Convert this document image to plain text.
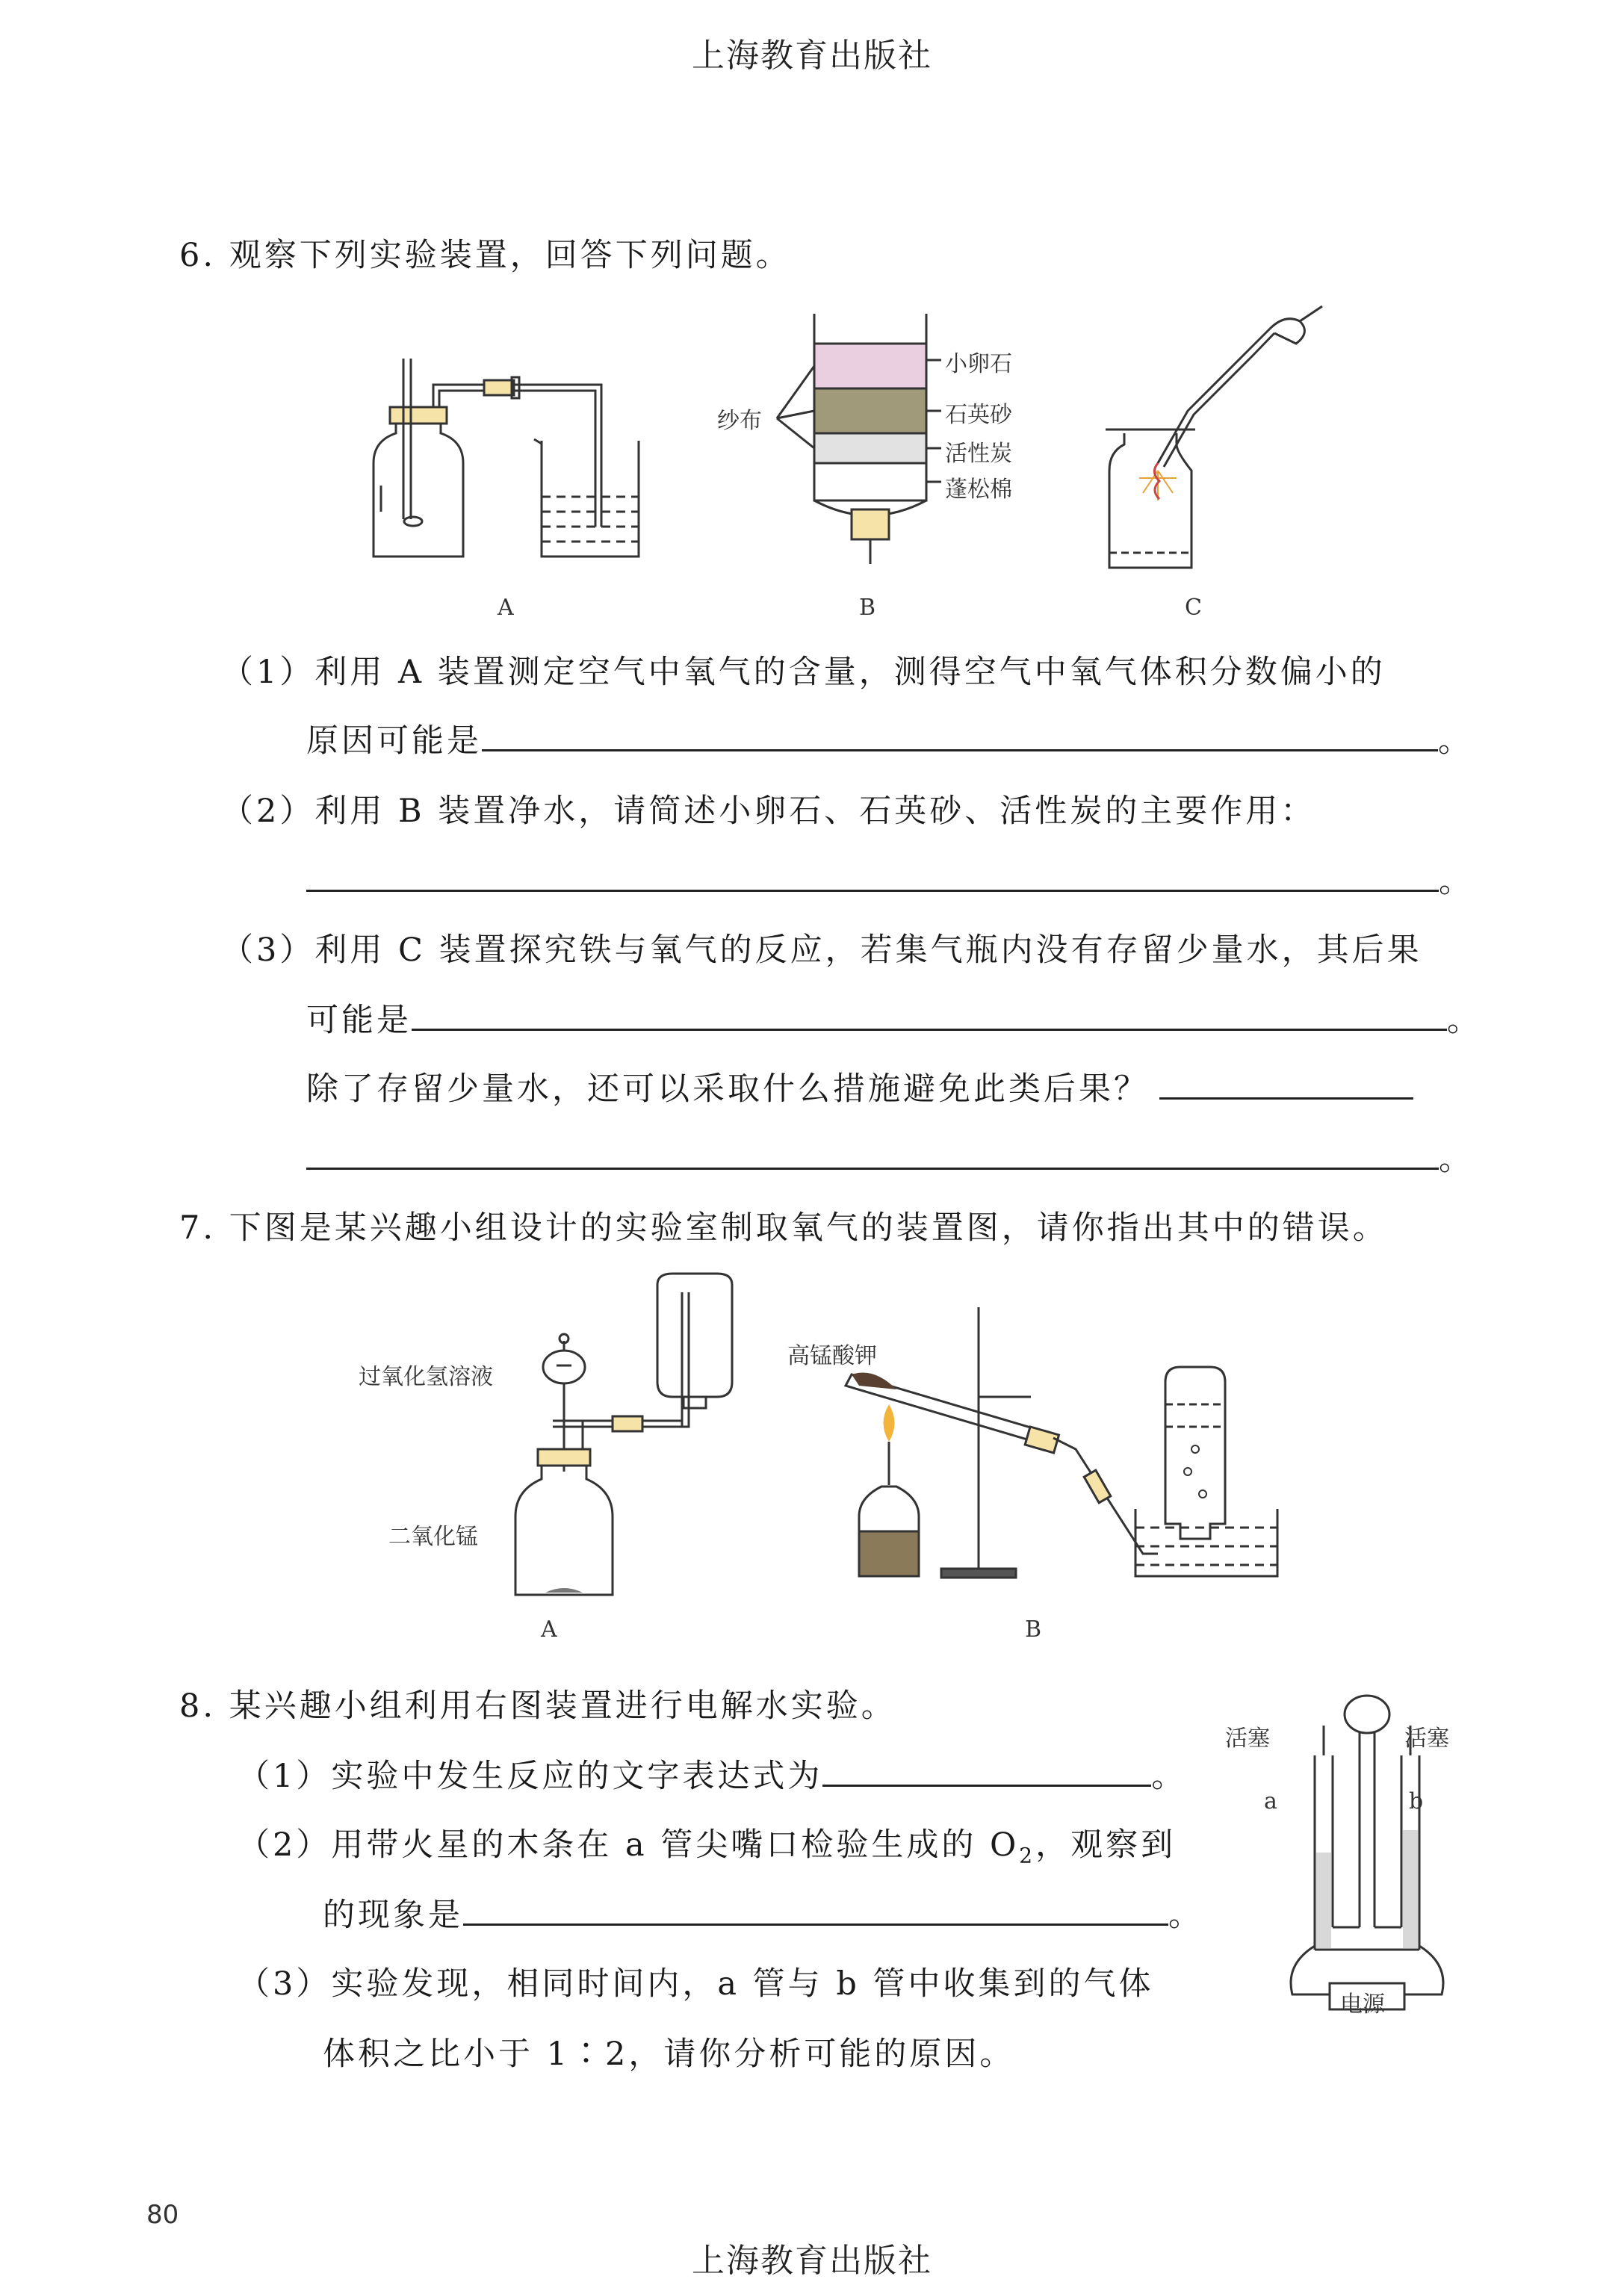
上海教育出版社
上海教育出版社
80
6. 观察下列实验装置，回答下列问题。
A
小卵石
石英砂
活性炭
蓬松棉
纱布
B	C
（1）利用 A 装置测定空气中氧气的含量，测得空气中氧气体积分数偏小的
原因可能是	。
（2）利用 B 装置净水，请简述小卵石、石英砂、活性炭的主要作用：
。
（3）利用 C 装置探究铁与氧气的反应，若集气瓶内没有存留少量水，其后果
可能是	。
除了存留少量水，还可以采取什么措施避免此类后果？
。
7. 下图是某兴趣小组设计的实验室制取氧气的装置图，请你指出其中的错误。
过氧化氢溶液
二氧化锰
A
高锰酸钾
B
8. 某兴趣小组利用右图装置进行电解水实验。
（1）实验中发生反应的文字表达式为	。
（2）用带火星的木条在 a 管尖嘴口检验生成的 $O_2$，观察到
的现象是	。
（3）实验发现，相同时间内，a 管与 b 管中收集到的气体
体积之比小于 1∶2，请你分析可能的原因。
活塞	活塞
a	b
电源
